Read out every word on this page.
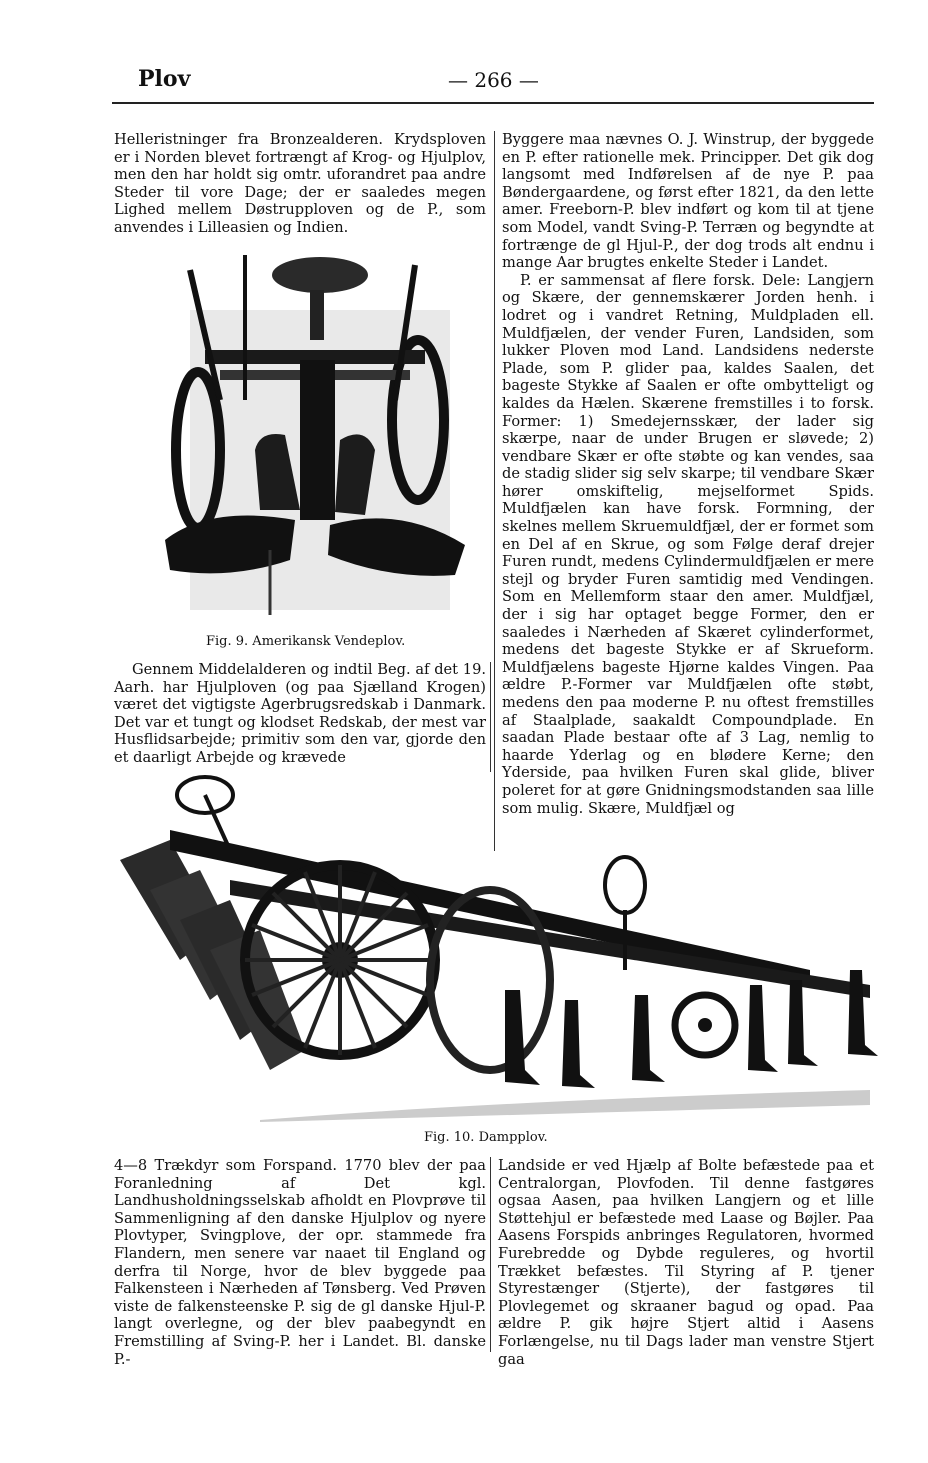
Plov	— 266 —

Helleristninger fra Bronzealderen. Krydsploven er i Norden blevet fortrængt af Krog- og Hjulplov, men den har holdt sig omtr. uforandret paa andre Steder til vore Dage; der er saaledes megen Lighed mellem Døstrupploven og de P., som anvendes i Lilleasien og Indien.

Fig. 9. Amerikansk Vendeplov.

Gennem Middelalderen og indtil Beg. af det 19. Aarh. har Hjulploven (og paa Sjælland Krogen) været det vigtigste Agerbrugsredskab i Danmark. Det var et tungt og klodset Redskab, der mest var Husflidsarbejde; primitiv som den var, gjorde den et daarligt Arbejde og krævede

Byggere maa nævnes O. J. Winstrup, der byggede en P. efter rationelle mek. Principper. Det gik dog langsomt med Indførelsen af de nye P. paa Bøndergaardene, og først efter 1821, da den lette amer. Freeborn-P. blev indført og kom til at tjene som Model, vandt Sving-P. Terræn og begyndte at fortrænge de gl Hjul-P., der dog trods alt endnu i mange Aar brugtes enkelte Steder i Landet.

P. er sammensat af flere forsk. Dele: Langjern og Skære, der gennemskærer Jorden henh. i lodret og i vandret Retning, Muldpladen ell. Muldfjælen, der vender Furen, Landsiden, som lukker Ploven mod Land. Landsidens nederste Plade, som P. glider paa, kaldes Saalen, det bageste Stykke af Saalen er ofte ombytteligt og kaldes da Hælen. Skærene fremstilles i to forsk. Former: 1) Smedejernsskær, der lader sig skærpe, naar de under Brugen er sløvede; 2) vendbare Skær er ofte støbte og kan vendes, saa de stadig slider sig selv skarpe; til vendbare Skær hører omskiftelig, mejselformet Spids. Muldfjælen kan have forsk. Formning, der skelnes mellem Skruemuldfjæl, der er formet som en Del af en Skrue, og som Følge deraf drejer Furen rundt, medens Cylindermuldfjælen er mere stejl og bryder Furen samtidig med Vendingen. Som en Mellemform staar den amer. Muldfjæl, der i sig har optaget begge Former, den er saaledes i Nærheden af Skæret cylinderformet, medens det bageste Stykke er af Skrueform. Muldfjælens bageste Hjørne kaldes Vingen. Paa ældre P.-Former var Muldfjælen ofte støbt, medens den paa moderne P. nu oftest fremstilles af Staalplade, saakaldt Compoundplade. En saadan Plade bestaar ofte af 3 Lag, nemlig to haarde Yderlag og en blødere Kerne; den Yderside, paa hvilken Furen skal glide, bliver poleret for at gøre Gnidningsmodstanden saa lille som mulig. Skære, Muldfjæl og

Fig. 10. Dampplov.

4—8 Trækdyr som Forspand. 1770 blev der paa Foranledning af Det kgl. Landhusholdningsselskab afholdt en Plovprøve til Sammenligning af den danske Hjulplov og nyere Plovtyper, Svingplove, der opr. stammede fra Flandern, men senere var naaet til England og derfra til Norge, hvor de blev byggede paa Falkensteen i Nærheden af Tønsberg. Ved Prøven viste de falkensteenske P. sig de gl danske Hjul-P. langt overlegne, og der blev paabegyndt en Fremstilling af Sving-P. her i Landet. Bl. danske P.-

Landside er ved Hjælp af Bolte befæstede paa et Centralorgan, Plovfoden. Til denne fastgøres ogsaa Aasen, paa hvilken Langjern og et lille Støttehjul er befæstede med Laase og Bøjler. Paa Aasens Forspids anbringes Regulatoren, hvormed Furebredde og Dybde reguleres, og hvortil Trækket befæstes. Til Styring af P. tjener Styrestænger (Stjerte), der fastgøres til Plovlegemet og skraaner bagud og opad. Paa ældre P. gik højre Stjert altid i Aasens Forlængelse, nu til Dags lader man venstre Stjert gaa
